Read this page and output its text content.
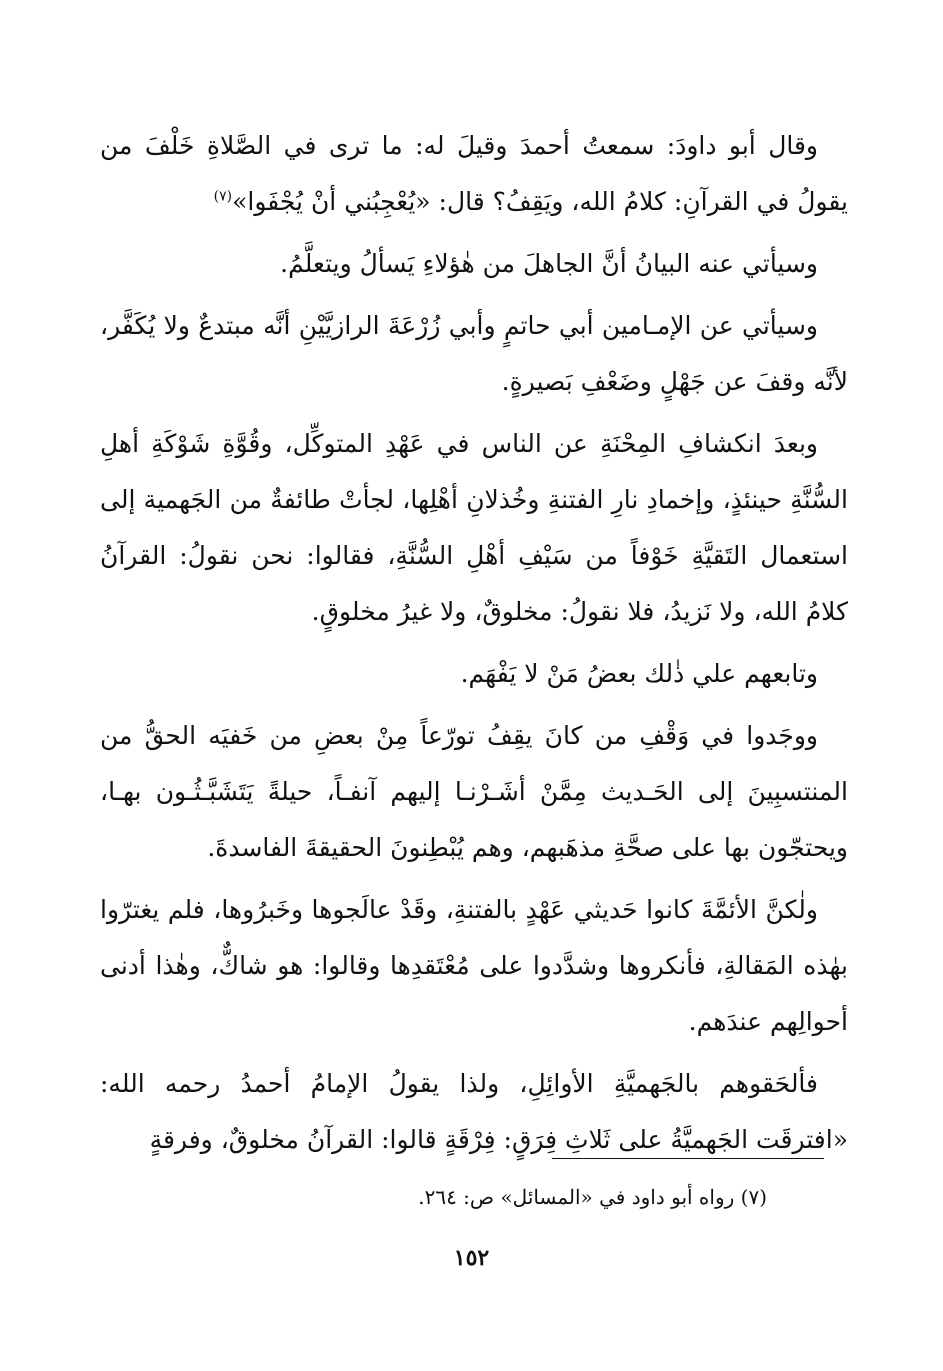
وقال أبو داودَ: سمعتُ أحمدَ وقيلَ له: ما ترى في الصَّلاةِ خَلْفَ من يقولُ في القرآنِ: كلامُ الله، ويَقِفُ؟ قال: «يُعْجِبُني أنْ يُجْفَوا»$^{(٧)}$

وسيأتي عنه البيانُ أنَّ الجاهلَ من هٰؤلاءِ يَسألُ ويتعلَّمُ.

وسيأتي عن الإمـامين أبي حاتمٍ وأبي زُرْعَةَ الرازيَّيْنِ أنَّه مبتدعٌ ولا يُكَفَّر، لأنَّه وقفَ عن جَهْلٍ وضَعْفِ بَصيرةٍ.

وبعدَ انكشافِ المِحْنَةِ عن الناس في عَهْدِ المتوكِّل، وقُوَّةِ شَوْكَةِ أهلِ السُّنَّةِ حينئذٍ، وإخمادِ نارِ الفتنةِ وخُذلانِ أهْلِها، لجأتْ طائفةٌ من الجَهمية إلى استعمال التَقيَّةِ خَوْفاً من سَيْفِ أهْلِ السُّنَّةِ، فقالوا: نحن نقولُ: القرآنُ كلامُ الله، ولا نَزيدُ، فلا نقولُ: مخلوقٌ، ولا غيرُ مخلوقٍ.

وتابعهم علي ذٰلك بعضُ مَنْ لا يَفْهَم.

ووجَدوا في وَقْفِ من كانَ يقِفُ تورّعاً مِنْ بعضِ من خَفيَه الحقُّ من المنتسبِينَ إلى الحَـديث مِمَّنْ أشَـرْنـا إليهم آنفـاً، حيلةً يَتَشَبَّـثُـون بهـا، ويحتجّون بها على صحَّةِ مذهَبهم، وهم يُبْطِنونَ الحقيقةَ الفاسدةَ.

ولٰكنَّ الأئمَّةَ كانوا حَديثي عَهْدٍ بالفتنةِ، وقَدْ عالَجوها وخَبرُوها، فلم يغترّوا بهٰذه المَقالةِ، فأنكروها وشدَّدوا على مُعْتَقدِها وقالوا: هو شاكٌّ، وهٰذا أدنى أحوالِهم عندَهم.

فألحَقوهم بالجَهميَّةِ الأوائِلِ، ولذا يقولُ الإمامُ أحمدُ رحمه الله: «افترقَت الجَهميَّةُ على ثَلاثِ فِرَقٍ: فِرْقَةٍ قالوا: القرآنُ مخلوقٌ، وفرقةٍ

(٧) رواه أبو داود في «المسائل» ص: ٢٦٤.
١٥٢
